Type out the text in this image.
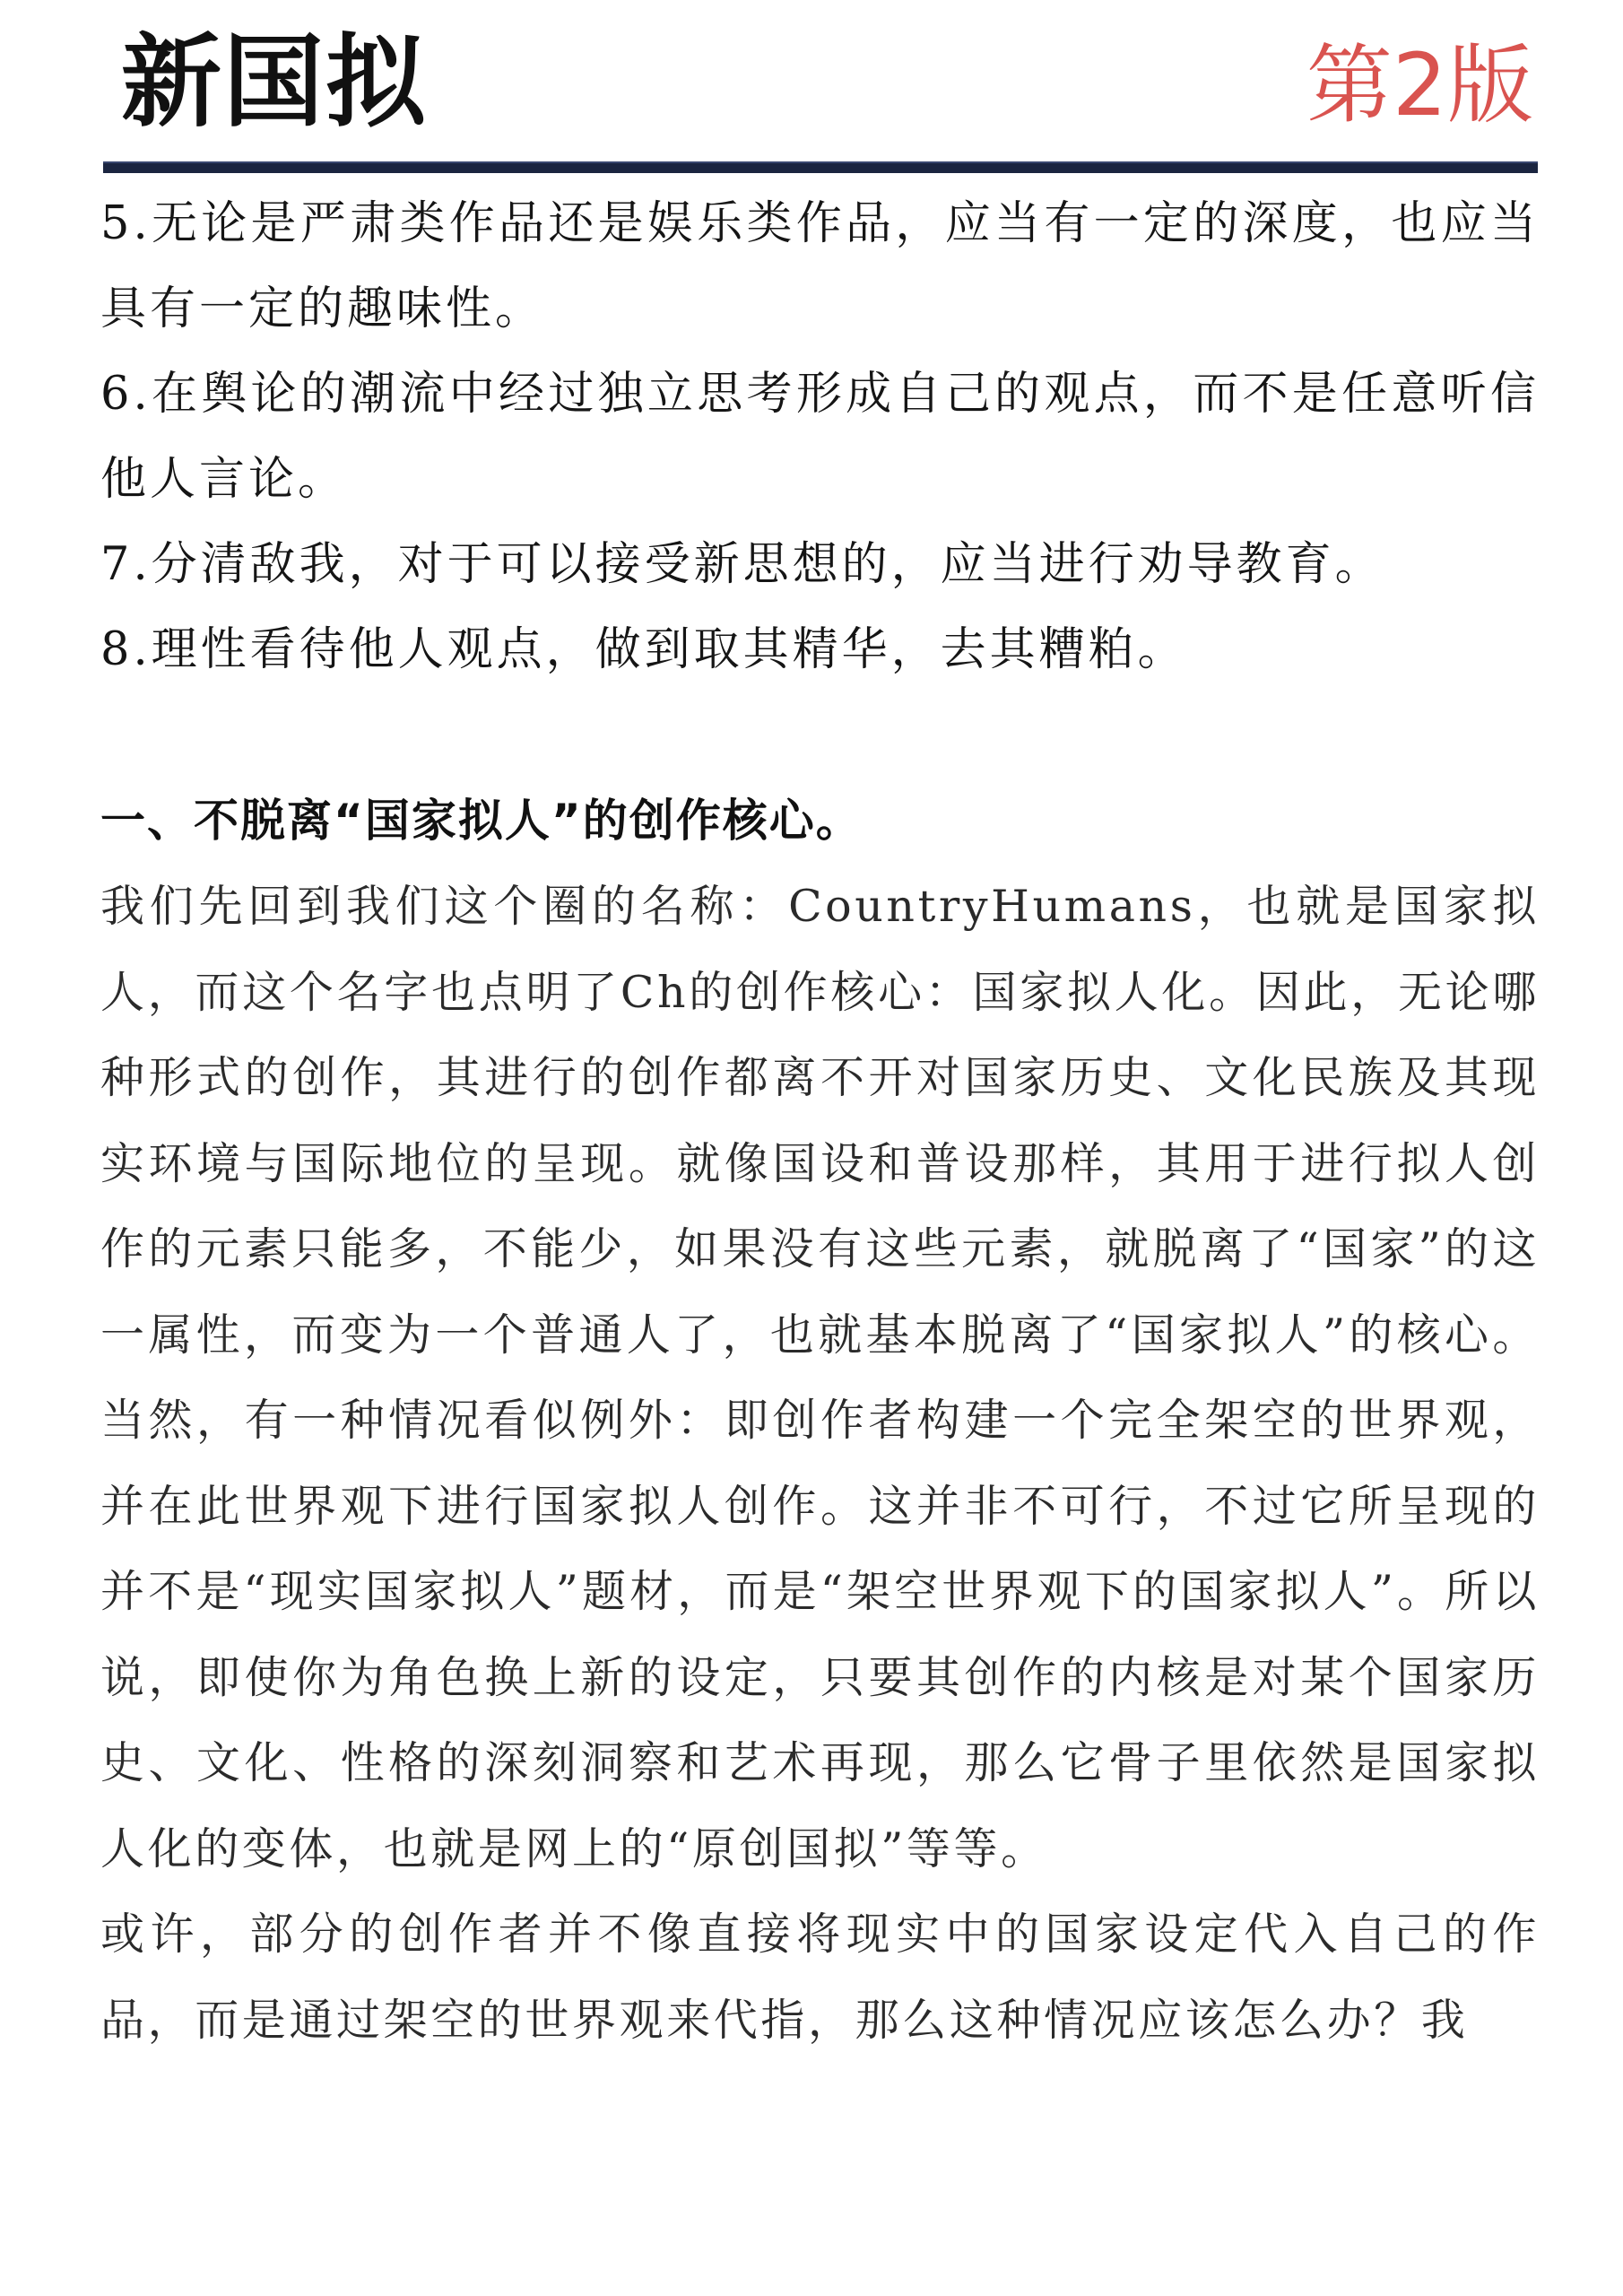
新国拟	第2版

5.无论是严肃类作品还是娱乐类作品，应当有一定的深度，也应当具有一定的趣味性。

6.在舆论的潮流中经过独立思考形成自己的观点，而不是任意听信他人言论。

7.分清敌我，对于可以接受新思想的，应当进行劝导教育。

8.理性看待他人观点，做到取其精华，去其糟粕。

一、不脱离“国家拟人”的创作核心。

我们先回到我们这个圈的名称：CountryHumans，也就是国家拟人，而这个名字也点明了Ch的创作核心：国家拟人化。因此，无论哪种形式的创作，其进行的创作都离不开对国家历史、文化民族及其现实环境与国际地位的呈现。就像国设和普设那样，其用于进行拟人创作的元素只能多，不能少，如果没有这些元素，就脱离了“国家”的这一属性，而变为一个普通人了，也就基本脱离了“国家拟人”的核心。当然，有一种情况看似例外：即创作者构建一个完全架空的世界观，并在此世界观下进行国家拟人创作。这并非不可行，不过它所呈现的并不是“现实国家拟人”题材，而是“架空世界观下的国家拟人”。所以说，即使你为角色换上新的设定，只要其创作的内核是对某个国家历史、文化、性格的深刻洞察和艺术再现，那么它骨子里依然是国家拟人化的变体，也就是网上的“原创国拟”等等。

或许，部分的创作者并不像直接将现实中的国家设定代入自己的作品，而是通过架空的世界观来代指，那么这种情况应该怎么办？我
